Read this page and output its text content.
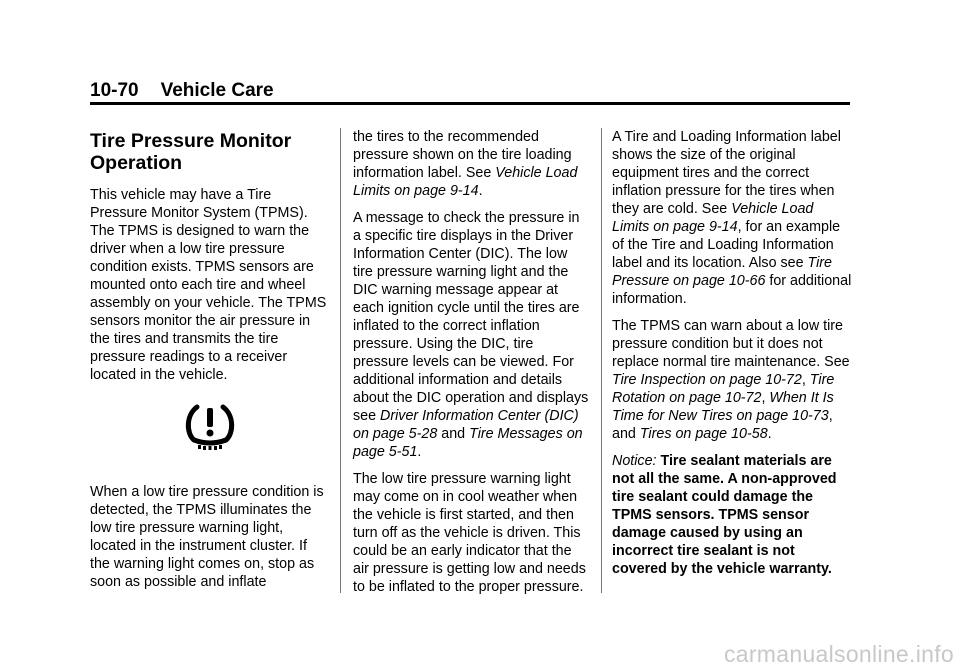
10-70 Vehicle Care
Tire Pressure Monitor Operation

This vehicle may have a Tire Pressure Monitor System (TPMS). The TPMS is designed to warn the driver when a low tire pressure condition exists. TPMS sensors are mounted onto each tire and wheel assembly on your vehicle. The TPMS sensors monitor the air pressure in the tires and transmits the tire pressure readings to a receiver located in the vehicle.

When a low tire pressure condition is detected, the TPMS illuminates the low tire pressure warning light, located in the instrument cluster. If the warning light comes on, stop as soon as possible and inflate

the tires to the recommended pressure shown on the tire loading information label. See Vehicle Load Limits on page 9-14.

A message to check the pressure in a specific tire displays in the Driver Information Center (DIC). The low tire pressure warning light and the DIC warning message appear at each ignition cycle until the tires are inflated to the correct inflation pressure. Using the DIC, tire pressure levels can be viewed. For additional information and details about the DIC operation and displays see Driver Information Center (DIC) on page 5-28 and Tire Messages on page 5-51.

The low tire pressure warning light may come on in cool weather when the vehicle is first started, and then turn off as the vehicle is driven. This could be an early indicator that the air pressure is getting low and needs to be inflated to the proper pressure.

A Tire and Loading Information label shows the size of the original equipment tires and the correct inflation pressure for the tires when they are cold. See Vehicle Load Limits on page 9-14, for an example of the Tire and Loading Information label and its location. Also see Tire Pressure on page 10-66 for additional information.

The TPMS can warn about a low tire pressure condition but it does not replace normal tire maintenance. See Tire Inspection on page 10-72, Tire Rotation on page 10-72, When It Is Time for New Tires on page 10-73, and Tires on page 10-58.

Notice: Tire sealant materials are not all the same. A non-approved tire sealant could damage the TPMS sensors. TPMS sensor damage caused by using an incorrect tire sealant is not covered by the vehicle warranty.

carmanualsonline.info
